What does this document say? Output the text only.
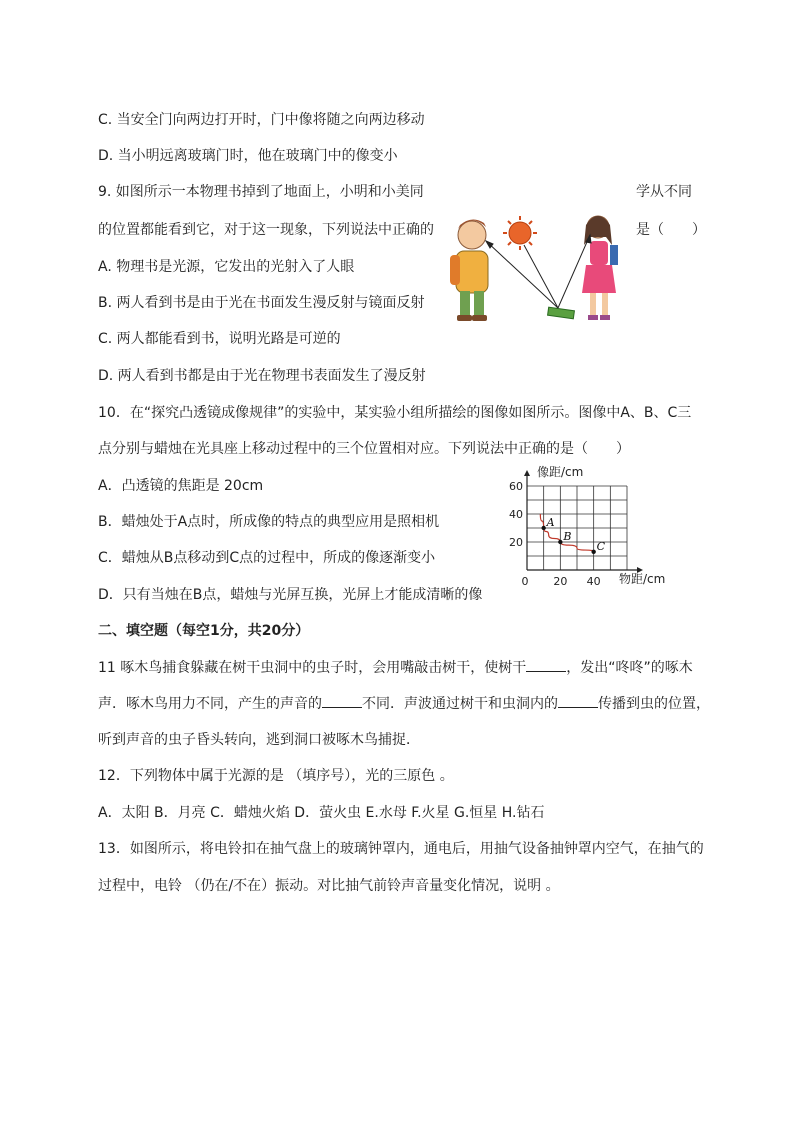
C. 当安全门向两边打开时，门中像将随之向两边移动
D. 当小明远离玻璃门时，他在玻璃门中的像变小
9. 如图所示一本物理书掉到了地面上，小明和小美同	学从不同
的位置都能看到它，对于这一现象，下列说法中正确的	是（　　）
A. 物理书是光源，它发出的光射入了人眼
B. 两人看到书是由于光在书面发生漫反射与镜面反射
C. 两人都能看到书，说明光路是可逆的
D. 两人看到书都是由于光在物理书表面发生了漫反射
10．在“探究凸透镜成像规律”的实验中，某实验小组所描绘的图像如图所示。图像中A、B、C三
点分别与蜡烛在光具座上移动过程中的三个位置相对应。下列说法中正确的是（　　）
A．凸透镜的焦距是 20cm
B．蜡烛处于A点时，所成像的特点的典型应用是照相机
C．蜡烛从B点移动到C点的过程中，所成的像逐渐变小
D．只有当烛在B点，蜡烛与光屏互换，光屏上才能成清晰的像
A
B
C
20
40
60
0 20 40
像距/cm
物距/cm
二、填空题（每空1分，共20分）
11 啄木鸟捕食躲藏在树干虫洞中的虫子时，会用嘴敲击树干，使树干	，发出“咚咚”的啄木
声．啄木鸟用力不同，产生的声音的	不同．声波通过树干和虫洞内的	传播到虫的位置，
听到声音的虫子昏头转向，逃到洞口被啄木鸟捕捉．
12．下列物体中属于光源的是 （填序号），光的三原色 。
A．太阳 B．月亮 C．蜡烛火焰 D．萤火虫 E.水母 F.火星 G.恒星 H.钻石
13．如图所示，将电铃扣在抽气盘上的玻璃钟罩内，通电后，用抽气设备抽钟罩内空气，在抽气的
过程中，电铃 （仍在/不在）振动。对比抽气前铃声音量变化情况，说明 。
